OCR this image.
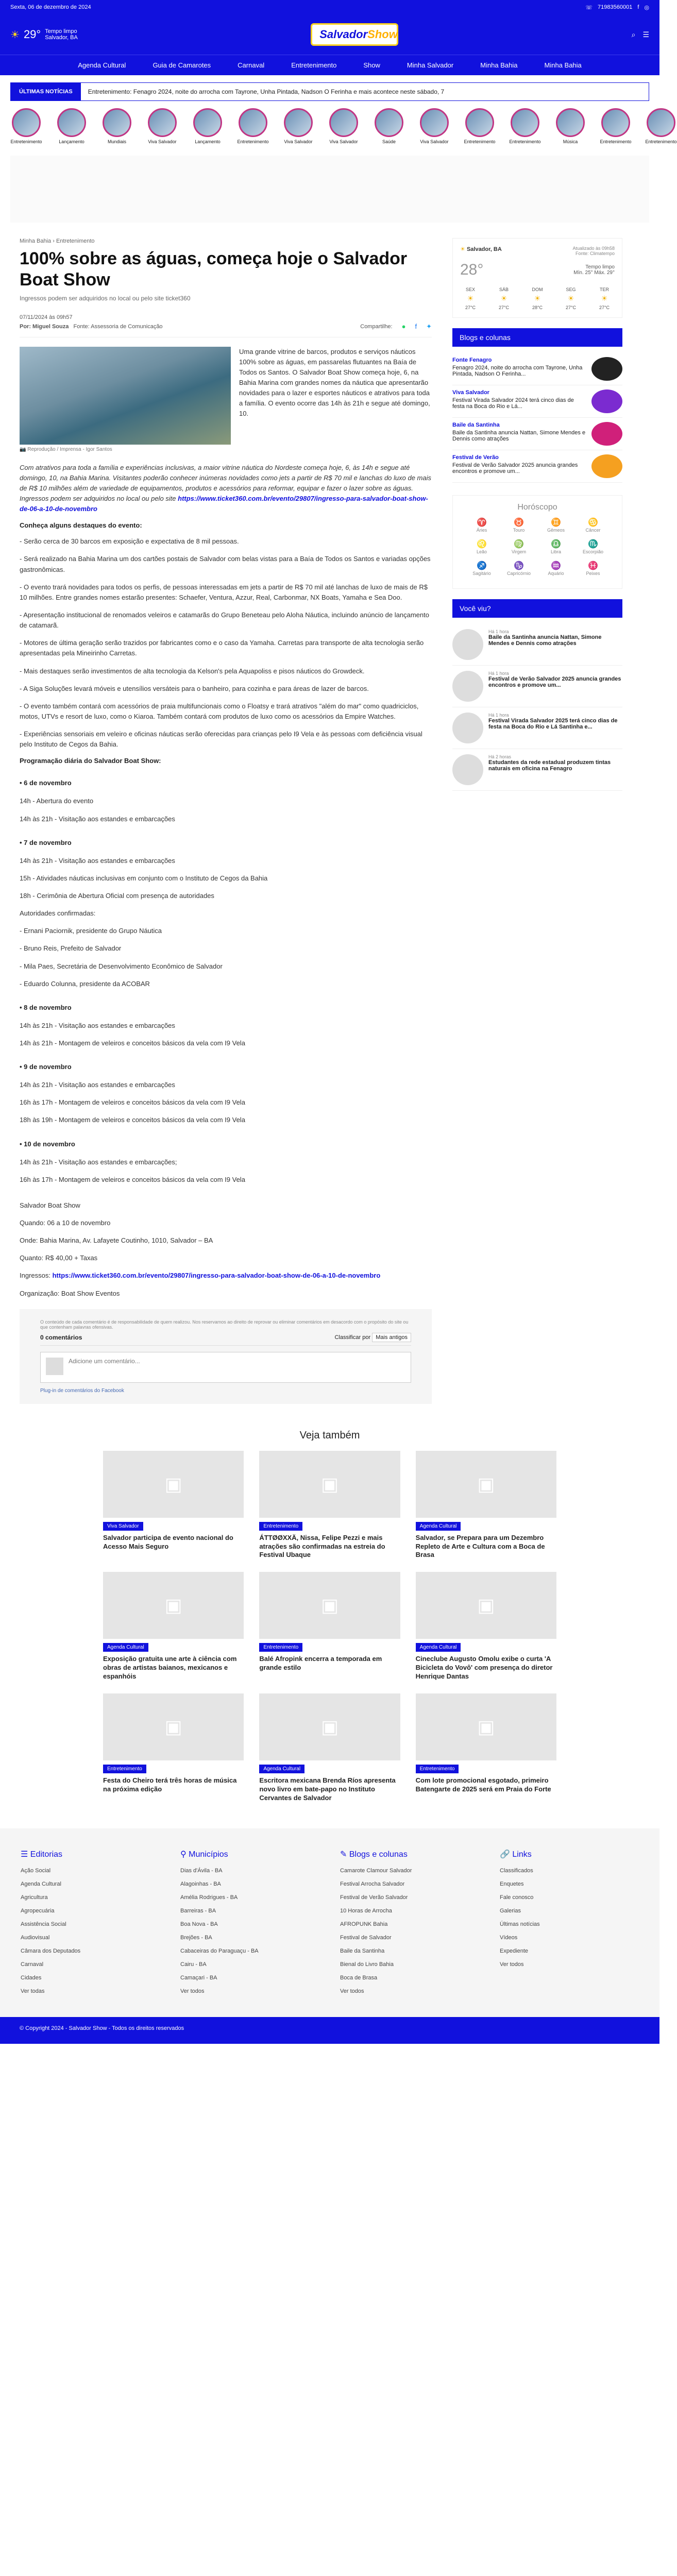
Sexta, 06 de dezembro de 2024	☏ 71983560001 f ◎
☀ 29° Tempo limpo
Salvador, BA	SalvadorShow	⌕ ☰
Agenda Cultural	Guia de Camarotes	Carnaval	Entretenimento	Show	Minha Salvador	Minha Bahia	Minha Bahia
ÚLTIMAS NOTÍCIAS	Entretenimento: Fenagro 2024, noite do arrocha com Tayrone, Unha Pintada, Nadson O Ferinha e mais acontece neste sábado, 7
Entretenimento	Lançamento	Mundiais	Viva Salvador	Lançamento	Entretenimento	Viva Salvador	Viva Salvador	Saúde	Viva Salvador	Entretenimento	Entretenimento	Música	Entretenimento	Entretenimento
Minha Bahia › Entretenimento
100% sobre as águas, começa hoje o Salvador Boat Show
Ingressos podem ser adquiridos no local ou pelo site ticket360
07/11/2024 às 09h57
Por: Miguel Souza Fonte: Assessoria de Comunicação	Compartilhe: ● f ✦
📷 Reprodução / Imprensa - Igor Santos

Uma grande vitrine de barcos, produtos e serviços náuticos 100% sobre as águas, em passarelas flutuantes na Baía de Todos os Santos. O Salvador Boat Show começa hoje, 6, na Bahia Marina com grandes nomes da náutica que apresentarão novidades para o lazer e esportes náuticos e atrativos para toda a família. O evento ocorre das 14h às 21h e segue até domingo, 10.

Com atrativos para toda a família e experiências inclusivas, a maior vitrine náutica do Nordeste começa hoje, 6, às 14h e segue até domingo, 10, na Bahia Marina. Visitantes poderão conhecer inúmeras novidades como jets a partir de R$ 70 mil e lanchas do luxo de mais de R$ 10 milhões além de variedade de equipamentos, produtos e acessórios para reformar, equipar e fazer o lazer sobre as águas. Ingressos podem ser adquiridos no local ou pelo site https://www.ticket360.com.br/evento/29807/ingresso-para-salvador-boat-show-de-06-a-10-de-novembro

Conheça alguns destaques do evento:

- Serão cerca de 30 barcos em exposição e expectativa de 8 mil pessoas.

- Será realizado na Bahia Marina um dos cartões postais de Salvador com belas vistas para a Baía de Todos os Santos e variadas opções gastronômicas.

- O evento trará novidades para todos os perfis, de pessoas interessadas em jets a partir de R$ 70 mil até lanchas de luxo de mais de R$ 10 milhões. Entre grandes nomes estarão presentes: Schaefer, Ventura, Azzur, Real, Carbonmar, NX Boats, Yamaha e Sea Doo.

- Apresentação institucional de renomados veleiros e catamarãs do Grupo Beneteau pelo Aloha Náutica, incluindo anúncio de lançamento de catamarã.

- Motores de última geração serão trazidos por fabricantes como e o caso da Yamaha. Carretas para transporte de alta tecnologia serão apresentadas pela Mineirinho Carretas.

- Mais destaques serão investimentos de alta tecnologia da Kelson's pela Aquapoliss e pisos náuticos do Growdeck.

- A Siga Soluções levará móveis e utensílios versáteis para o banheiro, para cozinha e para áreas de lazer de barcos.

- O evento também contará com acessórios de praia multifuncionais como o Floatsy e trará atrativos "além do mar" como quadriciclos, motos, UTVs e resort de luxo, como o Kiaroa. Também contará com produtos de luxo como os acessórios da Empire Watches.

- Experiências sensoriais em veleiro e oficinas náuticas serão oferecidas para crianças pelo I9 Vela e às pessoas com deficiência visual pelo Instituto de Cegos da Bahia.

Programação diária do Salvador Boat Show:
• 6 de novembro

14h - Abertura do evento

14h às 21h - Visitação aos estandes e embarcações

• 7 de novembro

14h às 21h - Visitação aos estandes e embarcações

15h - Atividades náuticas inclusivas em conjunto com o Instituto de Cegos da Bahia

18h - Cerimônia de Abertura Oficial com presença de autoridades

Autoridades confirmadas:

- Ernani Paciornik, presidente do Grupo Náutica

- Bruno Reis, Prefeito de Salvador

- Mila Paes, Secretária de Desenvolvimento Econômico de Salvador

- Eduardo Colunna, presidente da ACOBAR

• 8 de novembro

14h às 21h - Visitação aos estandes e embarcações

14h às 21h - Montagem de veleiros e conceitos básicos da vela com I9 Vela

• 9 de novembro

14h às 21h - Visitação aos estandes e embarcações

16h às 17h - Montagem de veleiros e conceitos básicos da vela com I9 Vela

18h às 19h - Montagem de veleiros e conceitos básicos da vela com I9 Vela

• 10 de novembro

14h às 21h - Visitação aos estandes e embarcações;

16h às 17h - Montagem de veleiros e conceitos básicos da vela com I9 Vela

Salvador Boat Show

Quando: 06 a 10 de novembro

Onde: Bahia Marina, Av. Lafayete Coutinho, 1010, Salvador – BA

Quanto: R$ 40,00 + Taxas

Ingressos: https://www.ticket360.com.br/evento/29807/ingresso-para-salvador-boat-show-de-06-a-10-de-novembro

Organização: Boat Show Eventos

O conteúdo de cada comentário é de responsabilidade de quem realizou. Nos reservamos ao direito de reprovar ou eliminar comentários em desacordo com o propósito do site ou que contenham palavras ofensivas.
0 comentários	Classificar por Mais antigos
Adicione um comentário...
Plug-in de comentários do Facebook
☀ Salvador, BA	Atualizado às 09h58
Fonte: Climatempo
28°	Tempo limpo
Mín. 25° Máx. 29°
SEX
☀
27°C
SÁB
☀
27°C
DOM
☀
28°C
SEG
☀
27°C
TER
☀
27°C
Blogs e colunas
Fonte Fenagro
Fenagro 2024, noite do arrocha com Tayrone, Unha Pintada, Nadson O Ferinha...
Viva Salvador
Festival Virada Salvador 2024 terá cinco dias de festa na Boca do Rio e Lá...
Baile da Santinha
Baile da Santinha anuncia Nattan, Simone Mendes e Dennis como atrações
Festival de Verão
Festival de Verão Salvador 2025 anuncia grandes encontros e promove um...
Horóscopo
♈
Áries
♉
Touro
♊
Gêmeos
♋
Câncer
♌
Leão
♍
Virgem
♎
Libra
♏
Escorpião
♐
Sagitário
♑
Capricórnio
♒
Aquário
♓
Peixes
Você viu?
Há 1 hora
Baile da Santinha anuncia Nattan, Simone Mendes e Dennis como atrações
Há 1 hora
Festival de Verão Salvador 2025 anuncia grandes encontros e promove um...
Há 1 hora
Festival Virada Salvador 2025 terá cinco dias de festa na Boca do Rio e Lá Santinha e...
Há 2 horas
Estudantes da rede estadual produzem tintas naturais em oficina na Fenagro
Veja também
▣
Viva Salvador
Salvador participa de evento nacional do Acesso Mais Seguro
▣
Entretenimento
ÁTTØØXXÄ, Nissa, Felipe Pezzi e mais atrações são confirmadas na estreia do Festival Ubaque
▣
Agenda Cultural
Salvador, se Prepara para um Dezembro Repleto de Arte e Cultura com a Boca de Brasa
▣
Agenda Cultural
Exposição gratuita une arte à ciência com obras de artistas baianos, mexicanos e espanhóis
▣
Entretenimento
Balé Afropink encerra a temporada em grande estilo
▣
Agenda Cultural
Cineclube Augusto Omolu exibe o curta 'A Bicicleta do Vovô' com presença do diretor Henrique Dantas
▣
Entretenimento
Festa do Cheiro terá três horas de música na próxima edição
▣
Agenda Cultural
Escritora mexicana Brenda Ríos apresenta novo livro em bate-papo no Instituto Cervantes de Salvador
▣
Entretenimento
Com lote promocional esgotado, primeiro Batengarte de 2025 será em Praia do Forte
☰ Editorias
Ação Social
Agenda Cultural
Agricultura
Agropecuária
Assistência Social
Audiovisual
Câmara dos Deputados
Carnaval
Cidades
Ver todas
⚲ Municípios
Dias d'Ávila - BA
Alagoinhas - BA
Amélia Rodrigues - BA
Barreiras - BA
Boa Nova - BA
Brejões - BA
Cabaceiras do Paraguaçu - BA
Cairu - BA
Camaçari - BA
Ver todos
✎ Blogs e colunas
Camarote Clamour Salvador
Festival Arrocha Salvador
Festival de Verão Salvador
10 Horas de Arrocha
AFROPUNK Bahia
Festival de Salvador
Baile da Santinha
Bienal do Livro Bahia
Boca de Brasa
Ver todos
🔗 Links
Classificados
Enquetes
Fale conosco
Galerias
Últimas notícias
Vídeos
Expediente
Ver todos
© Copyright 2024 - Salvador Show - Todos os direitos reservados
